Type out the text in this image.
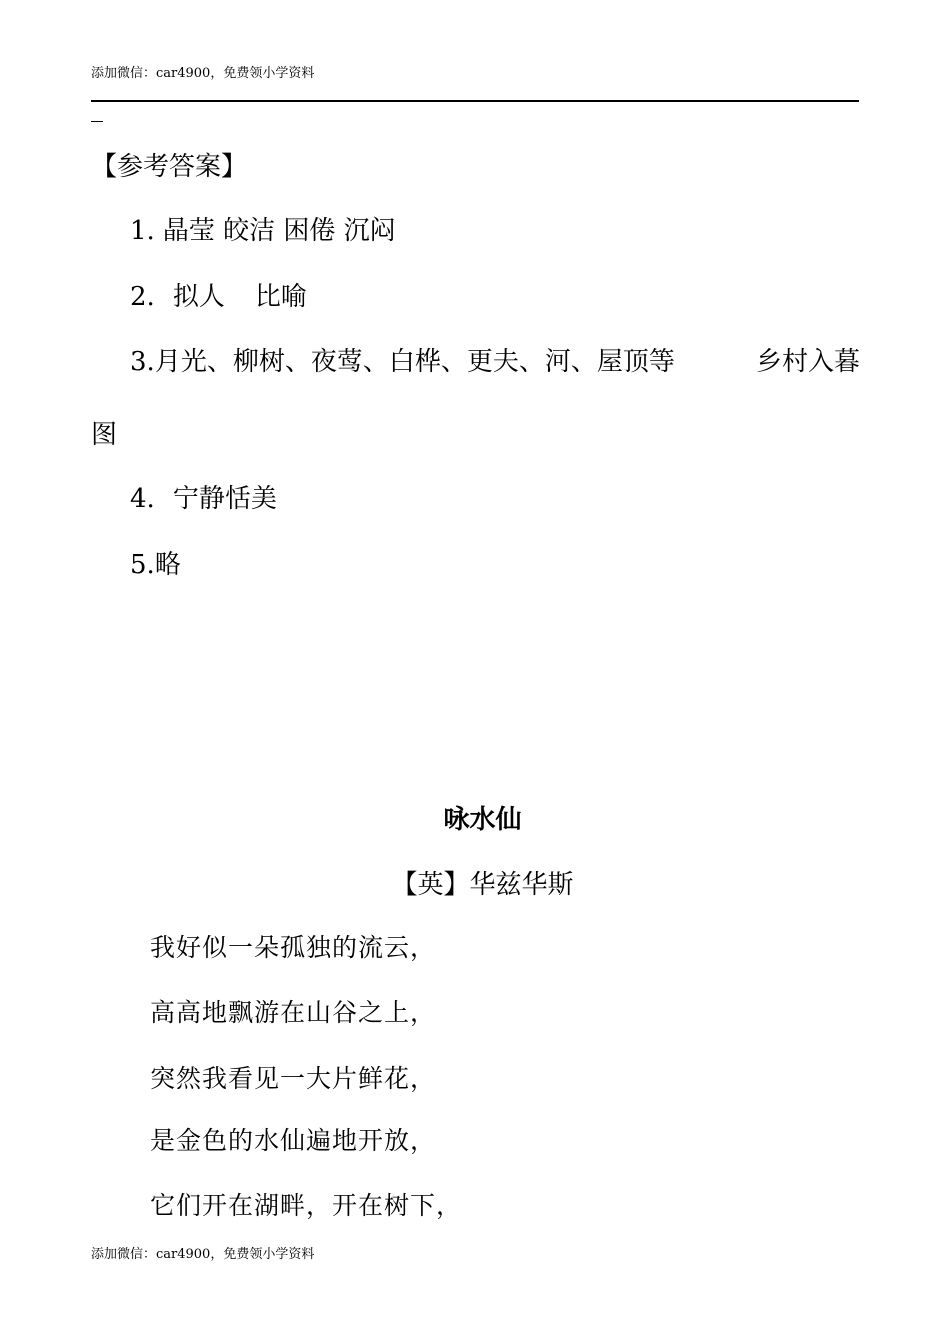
添加微信：car4900，免费领小学资料
【参考答案】
1. 晶莹 皎洁 困倦 沉闷
2. 拟人 比喻
3.月光、柳树、夜莺、白桦、更夫、河、屋顶等	乡村入暮
图
4. 宁静恬美
5.略
咏水仙
【英】华兹华斯
我好似一朵孤独的流云，
高高地飘游在山谷之上，
突然我看见一大片鲜花，
是金色的水仙遍地开放，
它们开在湖畔，开在树下，
添加微信：car4900，免费领小学资料
